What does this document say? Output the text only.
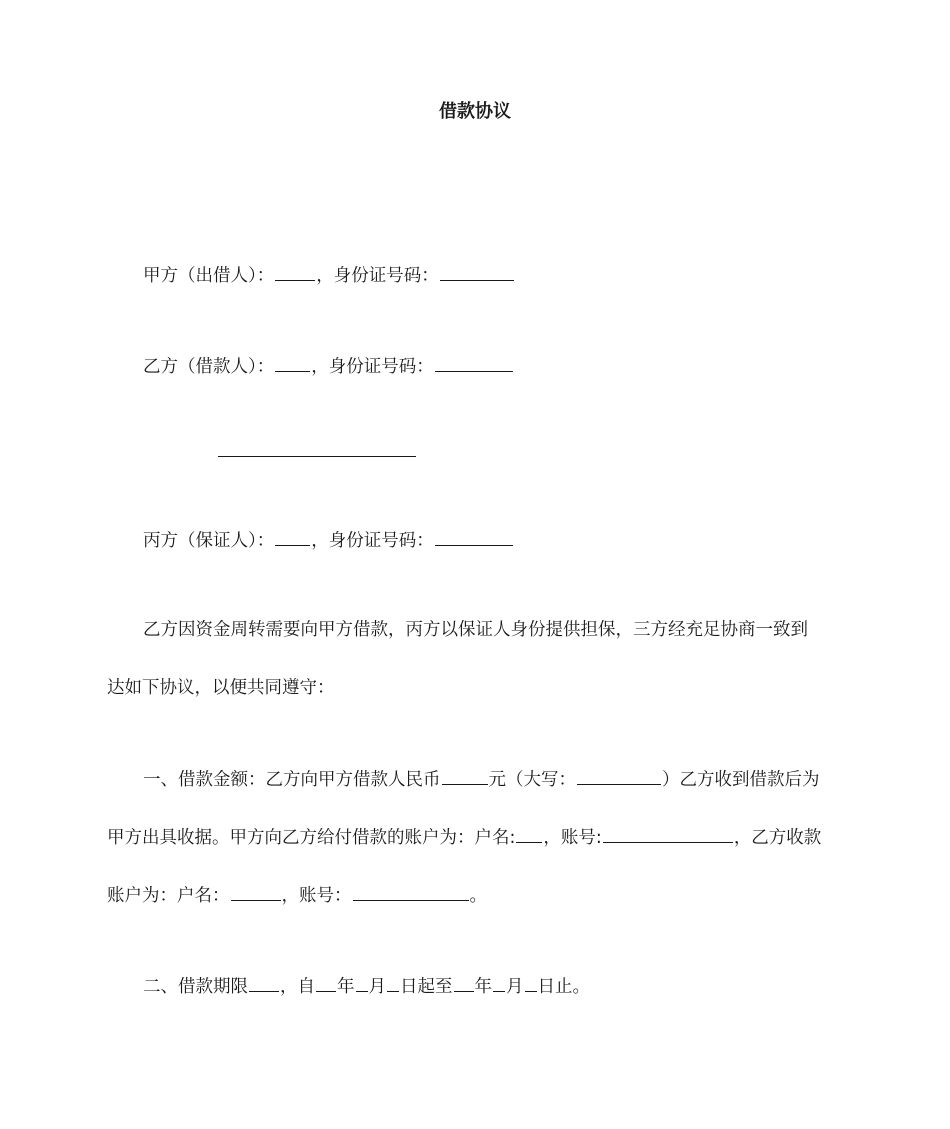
借款协议
甲方（出借人）： ，身份证号码：
乙方（借款人）： ，身份证号码：
丙方（保证人）： ，身份证号码：
乙方因资金周转需要向甲方借款，丙方以保证人身份提供担保，三方经充足协商一致到
达如下协议，以便共同遵守：
一、借款金额：乙方向甲方借款人民币	元（大写：	）乙方收到借款后为
甲方出具收据。甲方向乙方给付借款的账户为：户名: ，账号:	，乙方收款
账户为：户名：	，账号：	。
二、借款期限 ，自 年 月 日起至 年 月 日止。
